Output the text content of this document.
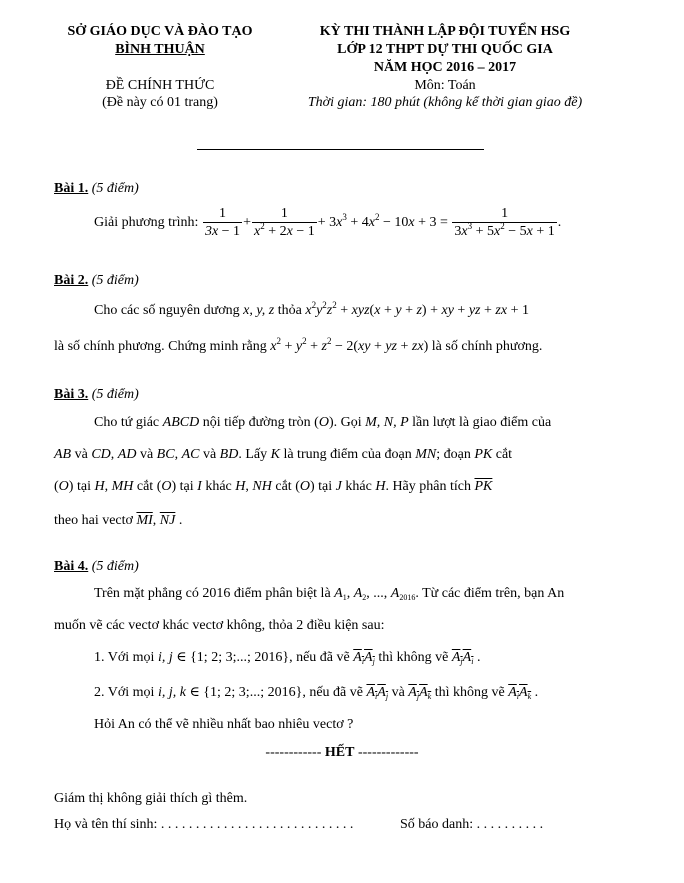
SỞ GIÁO DỤC VÀ ĐÀO TẠO
BÌNH THUẬN
ĐỀ CHÍNH THỨC
(Đề này có 01 trang)
KỲ THI THÀNH LẬP ĐỘI TUYỂN HSG
LỚP 12 THPT DỰ THI QUỐC GIA
NĂM HỌC 2016 – 2017
Môn: Toán
Thời gian: 180 phút (không kể thời gian giao đề)
Bài 1. (5 điểm)
Giải phương trình: $\frac{1}{3x - 1} + \frac{1}{x^2 + 2x - 1} + 3x^3 + 4x^2 - 10x + 3 = \frac{1}{3x^3 + 5x^2 - 5x + 1}$ .
Bài 2. (5 điểm)
Cho các số nguyên dương x, y, z thỏa $x^2y^2z^2 + xyz(x + y + z)$ + xy + yz + zx + 1
là số chính phương. Chứng minh rằng $x^2 + y^2 + z^2 - 2(xy$ + yz + zx) là số chính phương.
Bài 3. (5 điểm)
Cho tứ giác ABCD nội tiếp đường tròn (O). Gọi M, N, P lần lượt là giao điểm của
AB và CD, AD và BC, AC và BD. Lấy K là trung điểm của đoạn MN; đoạn PK cắt
(O) tại H, MH cắt (O) tại I khác H, NH cắt (O) tại J khác H. Hãy phân tích $\overline{PK}$
theo hai vectơ $\overline{MI}$, $\overline{NJ}$ .
Bài 4. (5 điểm)
Trên mặt phẳng có 2016 điểm phân biệt là $A_1$, $A_2$, ..., $A_{2016}$. Từ các điểm trên, bạn An
muốn vẽ các vectơ khác vectơ không, thỏa 2 điều kiện sau:
1. Với mọi i, j ∈ {1; 2; 3;...; 2016}, nếu đã vẽ $A_iA_j$ thì không vẽ $A_jA_i$ .
2. Với mọi i, j, k ∈ {1; 2; 3;...; 2016}, nếu đã vẽ $A_iA_j$ và $A_jA_k$ thì không vẽ $A_iA_k$ .
Hỏi An có thể vẽ nhiều nhất bao nhiêu vectơ ?
------------ HẾT -------------
Giám thị không giải thích gì thêm.
Họ và tên thí sinh: . . . . . . . . . . . . . . . . . . . . . . . . . . . .	Số báo danh: . . . . . . . . . .
